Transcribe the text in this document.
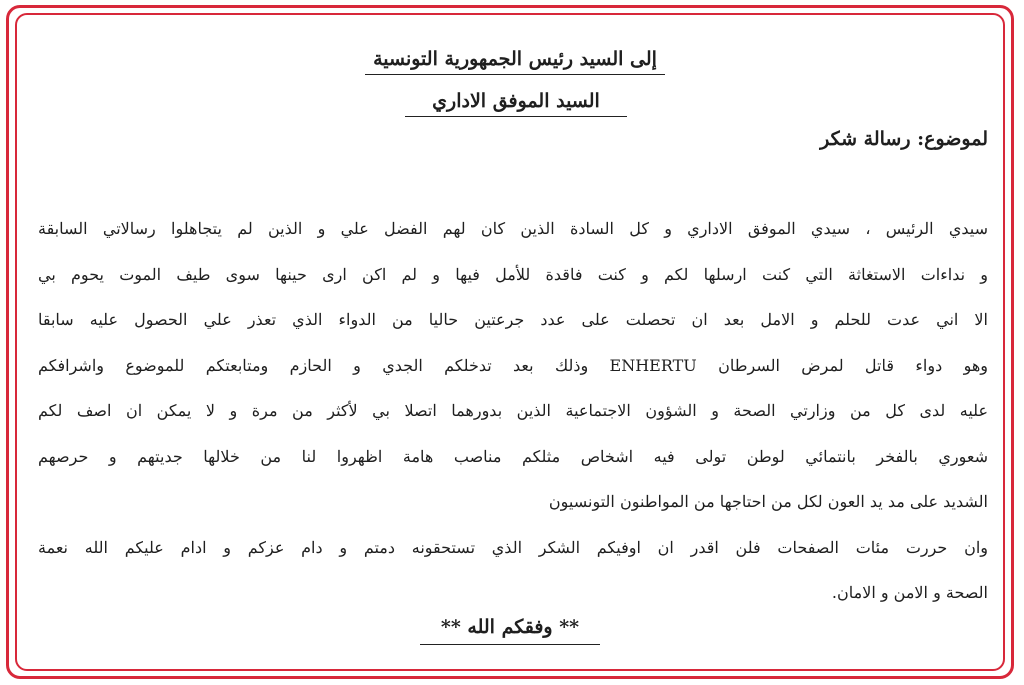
إلى السيد رئيس الجمهورية التونسية
السيد الموفق الاداري
لموضوع: رسالة شكر
سيدي الرئيس ، سيدي الموفق الاداري و كل السادة الذين كان لهم الفضل علي و الذين لم يتجاهلوا رسالاتي السابقة
و نداءات الاستغاثة التي كنت ارسلها لكم و كنت فاقدة للأمل فيها و لم اكن ارى حينها سوى طيف الموت يحوم بي
الا اني عدت للحلم و الامل بعد ان تحصلت على عدد جرعتين حاليا من الدواء الذي تعذر علي الحصول عليه سابقا
وهو دواء قاتل لمرض السرطان ENHERTU وذلك بعد تدخلكم الجدي و الحازم ومتابعتكم للموضوع واشرافكم
عليه لدى كل من وزارتي الصحة و الشؤون الاجتماعية الذين بدورهما اتصلا بي لأكثر من مرة و لا يمكن ان اصف لكم
شعوري بالفخر بانتمائي لوطن تولى فيه اشخاص مثلكم مناصب هامة اظهروا لنا من خلالها جديتهم و حرصهم
الشديد على مد يد العون لكل من احتاجها من المواطنون التونسيون
وان حررت مئات الصفحات فلن اقدر ان اوفيكم الشكر الذي تستحقونه دمتم و دام عزكم و ادام عليكم الله نعمة
الصحة و الامن و الامان.
** وفقكم الله **
